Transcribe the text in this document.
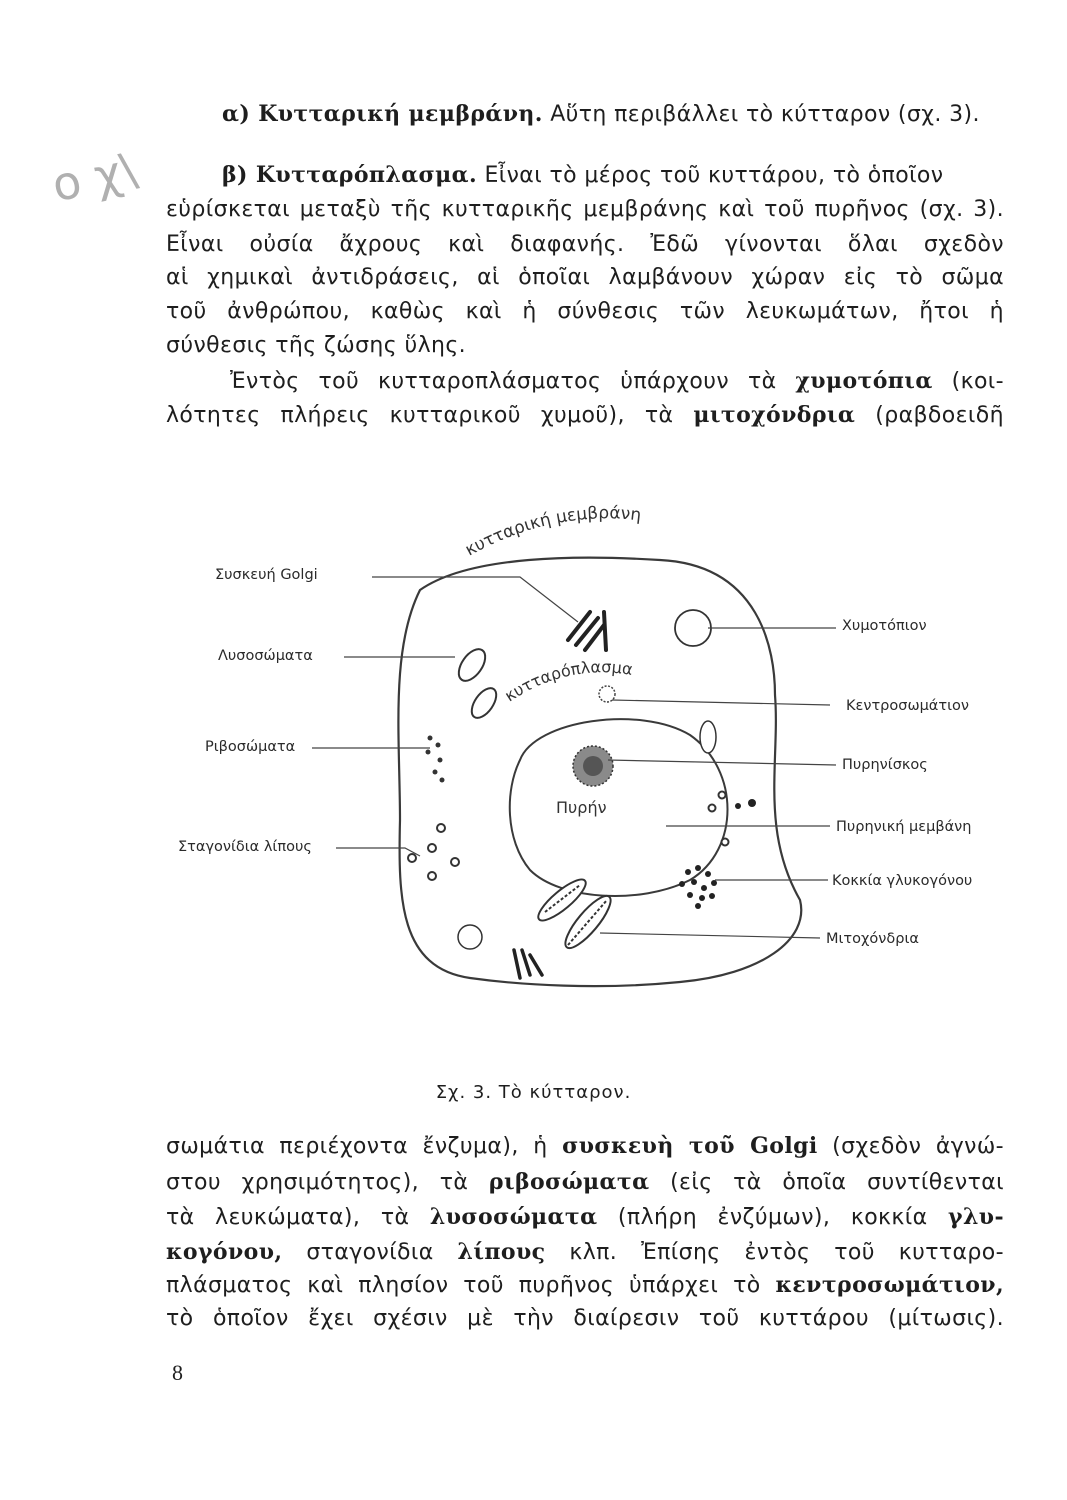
ο χ\
α) Κυτταρική μεμβράνη. Αὕτη περιβάλλει τὸ κύτταρον (σχ. 3).
β) Κυτταρόπλασμα. Εἶναι τὸ μέρος τοῦ κυττάρου, τὸ ὁποῖον
εὑρίσκεται μεταξὺ τῆς κυτταρικῆς μεμβράνης καὶ τοῦ πυρῆνος (σχ. 3).
Εἶναι οὐσία ἄχρους καὶ διαφανής. Ἐδῶ γίνονται ὅλαι σχεδὸν
αἱ χημικαὶ ἀντιδράσεις, αἱ ὁποῖαι λαμβάνουν χώραν εἰς τὸ σῶμα
τοῦ ἀνθρώπου, καθὼς καὶ ἡ σύνθεσις τῶν λευκωμάτων, ἤτοι ἡ
σύνθεσις τῆς ζώσης ὕλης.
Ἐντὸς τοῦ κυτταροπλάσματος ὑπάρχουν τὰ χυμοτόπια (κοι-
λότητες πλήρεις κυτταρικοῦ χυμοῦ), τὰ μιτοχόνδρια (ραβδοειδῆ
κυτταρική μεμβράνη
κυτταρόπλασμα
Πυρήν
Συσκευή Golgi
Λυσοσώματα
Ριβοσώματα
Σταγονίδια λίπους
Χυμοτόπιον
Κεντροσωμάτιον
Πυρηνίσκος
Πυρηνική μεμβάνη
Κοκκία γλυκογόνου
Μιτοχόνδρια
Σχ. 3. Τὸ κύτταρον.
σωμάτια περιέχοντα ἔνζυμα), ἡ συσκευὴ τοῦ Golgi (σχεδὸν ἀγνώ-
στου χρησιμότητος), τὰ ριβοσώματα (εἰς τὰ ὁποῖα συντίθενται
τὰ λευκώματα), τὰ λυσοσώματα (πλήρη ἐνζύμων), κοκκία γλυ-
κογόνου, σταγονίδια λίπους κλπ. Ἐπίσης ἐντὸς τοῦ κυτταρο-
πλάσματος καὶ πλησίον τοῦ πυρῆνος ὑπάρχει τὸ κεντροσωμάτιον,
τὸ ὁποῖον ἔχει σχέσιν μὲ τὴν διαίρεσιν τοῦ κυττάρου (μίτωσις).
8
